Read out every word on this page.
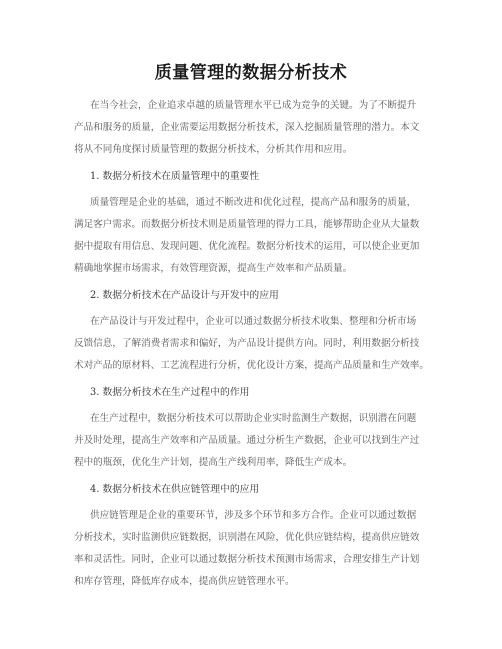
质量管理的数据分析技术
在当今社会，企业追求卓越的质量管理水平已成为竞争的关键。为了不断提升
产品和服务的质量，企业需要运用数据分析技术，深入挖掘质量管理的潜力。本文
将从不同角度探讨质量管理的数据分析技术，分析其作用和应用。
1. 数据分析技术在质量管理中的重要性
质量管理是企业的基础，通过不断改进和优化过程，提高产品和服务的质量，
满足客户需求。而数据分析技术则是质量管理的得力工具，能够帮助企业从大量数
据中提取有用信息、发现问题、优化流程。数据分析技术的运用，可以使企业更加
精确地掌握市场需求，有效管理资源，提高生产效率和产品质量。
2. 数据分析技术在产品设计与开发中的应用
在产品设计与开发过程中，企业可以通过数据分析技术收集、整理和分析市场
反馈信息，了解消费者需求和偏好，为产品设计提供方向。同时，利用数据分析技
术对产品的原材料、工艺流程进行分析，优化设计方案，提高产品质量和生产效率。
3. 数据分析技术在生产过程中的作用
在生产过程中，数据分析技术可以帮助企业实时监测生产数据，识别潜在问题
并及时处理，提高生产效率和产品质量。通过分析生产数据，企业可以找到生产过
程中的瓶颈，优化生产计划，提高生产线利用率，降低生产成本。
4. 数据分析技术在供应链管理中的应用
供应链管理是企业的重要环节，涉及多个环节和多方合作。企业可以通过数据
分析技术，实时监测供应链数据，识别潜在风险，优化供应链结构，提高供应链效
率和灵活性。同时，企业可以通过数据分析技术预测市场需求，合理安排生产计划
和库存管理，降低库存成本，提高供应链管理水平。
